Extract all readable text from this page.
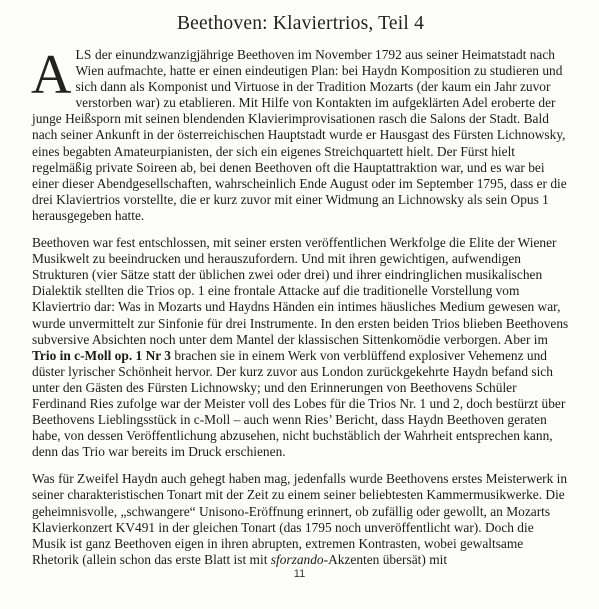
Beethoven: Klaviertrios, Teil 4

ALS der einundzwanzigjährige Beethoven im November 1792 aus seiner Heimatstadt nach Wien aufmachte, hatte er einen eindeutigen Plan: bei Haydn Komposition zu studieren und sich dann als Komponist und Virtuose in der Tradition Mozarts (der kaum ein Jahr zuvor verstorben war) zu etablieren. Mit Hilfe von Kontakten im aufgeklärten Adel eroberte der junge Heißsporn mit seinen blendenden Klavierimprovisationen rasch die Salons der Stadt. Bald nach seiner Ankunft in der österreichischen Hauptstadt wurde er Hausgast des Fürsten Lichnowsky, eines begabten Amateurpianisten, der sich ein eigenes Streichquartett hielt. Der Fürst hielt regelmäßig private Soireen ab, bei denen Beethoven oft die Hauptattraktion war, und es war bei einer dieser Abendgesellschaften, wahrscheinlich Ende August oder im September 1795, dass er die drei Klaviertrios vorstellte, die er kurz zuvor mit einer Widmung an Lichnowsky als sein Opus 1 herausgegeben hatte.

Beethoven war fest entschlossen, mit seiner ersten veröffentlichen Werkfolge die Elite der Wiener Musikwelt zu beeindrucken und herauszufordern. Und mit ihren gewichtigen, aufwendigen Strukturen (vier Sätze statt der üblichen zwei oder drei) und ihrer eindringlichen musikalischen Dialektik stellten die Trios op. 1 eine frontale Attacke auf die traditionelle Vorstellung vom Klaviertrio dar: Was in Mozarts und Haydns Händen ein intimes häusliches Medium gewesen war, wurde unvermittelt zur Sinfonie für drei Instrumente. In den ersten beiden Trios blieben Beethovens subversive Absichten noch unter dem Mantel der klassischen Sittenkomödie verborgen. Aber im Trio in c-Moll op. 1 Nr 3 brachen sie in einem Werk von verblüffend explosiver Vehemenz und düster lyrischer Schönheit hervor. Der kurz zuvor aus London zurückgekehrte Haydn befand sich unter den Gästen des Fürsten Lichnowsky; und den Erinnerungen von Beethovens Schüler Ferdinand Ries zufolge war der Meister voll des Lobes für die Trios Nr. 1 und 2, doch bestürzt über Beethovens Lieblingsstück in c-Moll – auch wenn Ries’ Bericht, dass Haydn Beethoven geraten habe, von dessen Veröffentlichung abzusehen, nicht buchstäblich der Wahrheit entsprechen kann, denn das Trio war bereits im Druck erschienen.

Was für Zweifel Haydn auch gehegt haben mag, jedenfalls wurde Beethovens erstes Meisterwerk in seiner charakteristischen Tonart mit der Zeit zu einem seiner beliebtesten Kammermusikwerke. Die geheimnisvolle, „schwangere“ Unisono-Eröffnung erinnert, ob zufällig oder gewollt, an Mozarts Klavierkonzert KV491 in der gleichen Tonart (das 1795 noch unveröffentlicht war). Doch die Musik ist ganz Beethoven eigen in ihren abrupten, extremen Kontrasten, wobei gewaltsame Rhetorik (allein schon das erste Blatt ist mit sforzando-Akzenten übersät) mit

11
